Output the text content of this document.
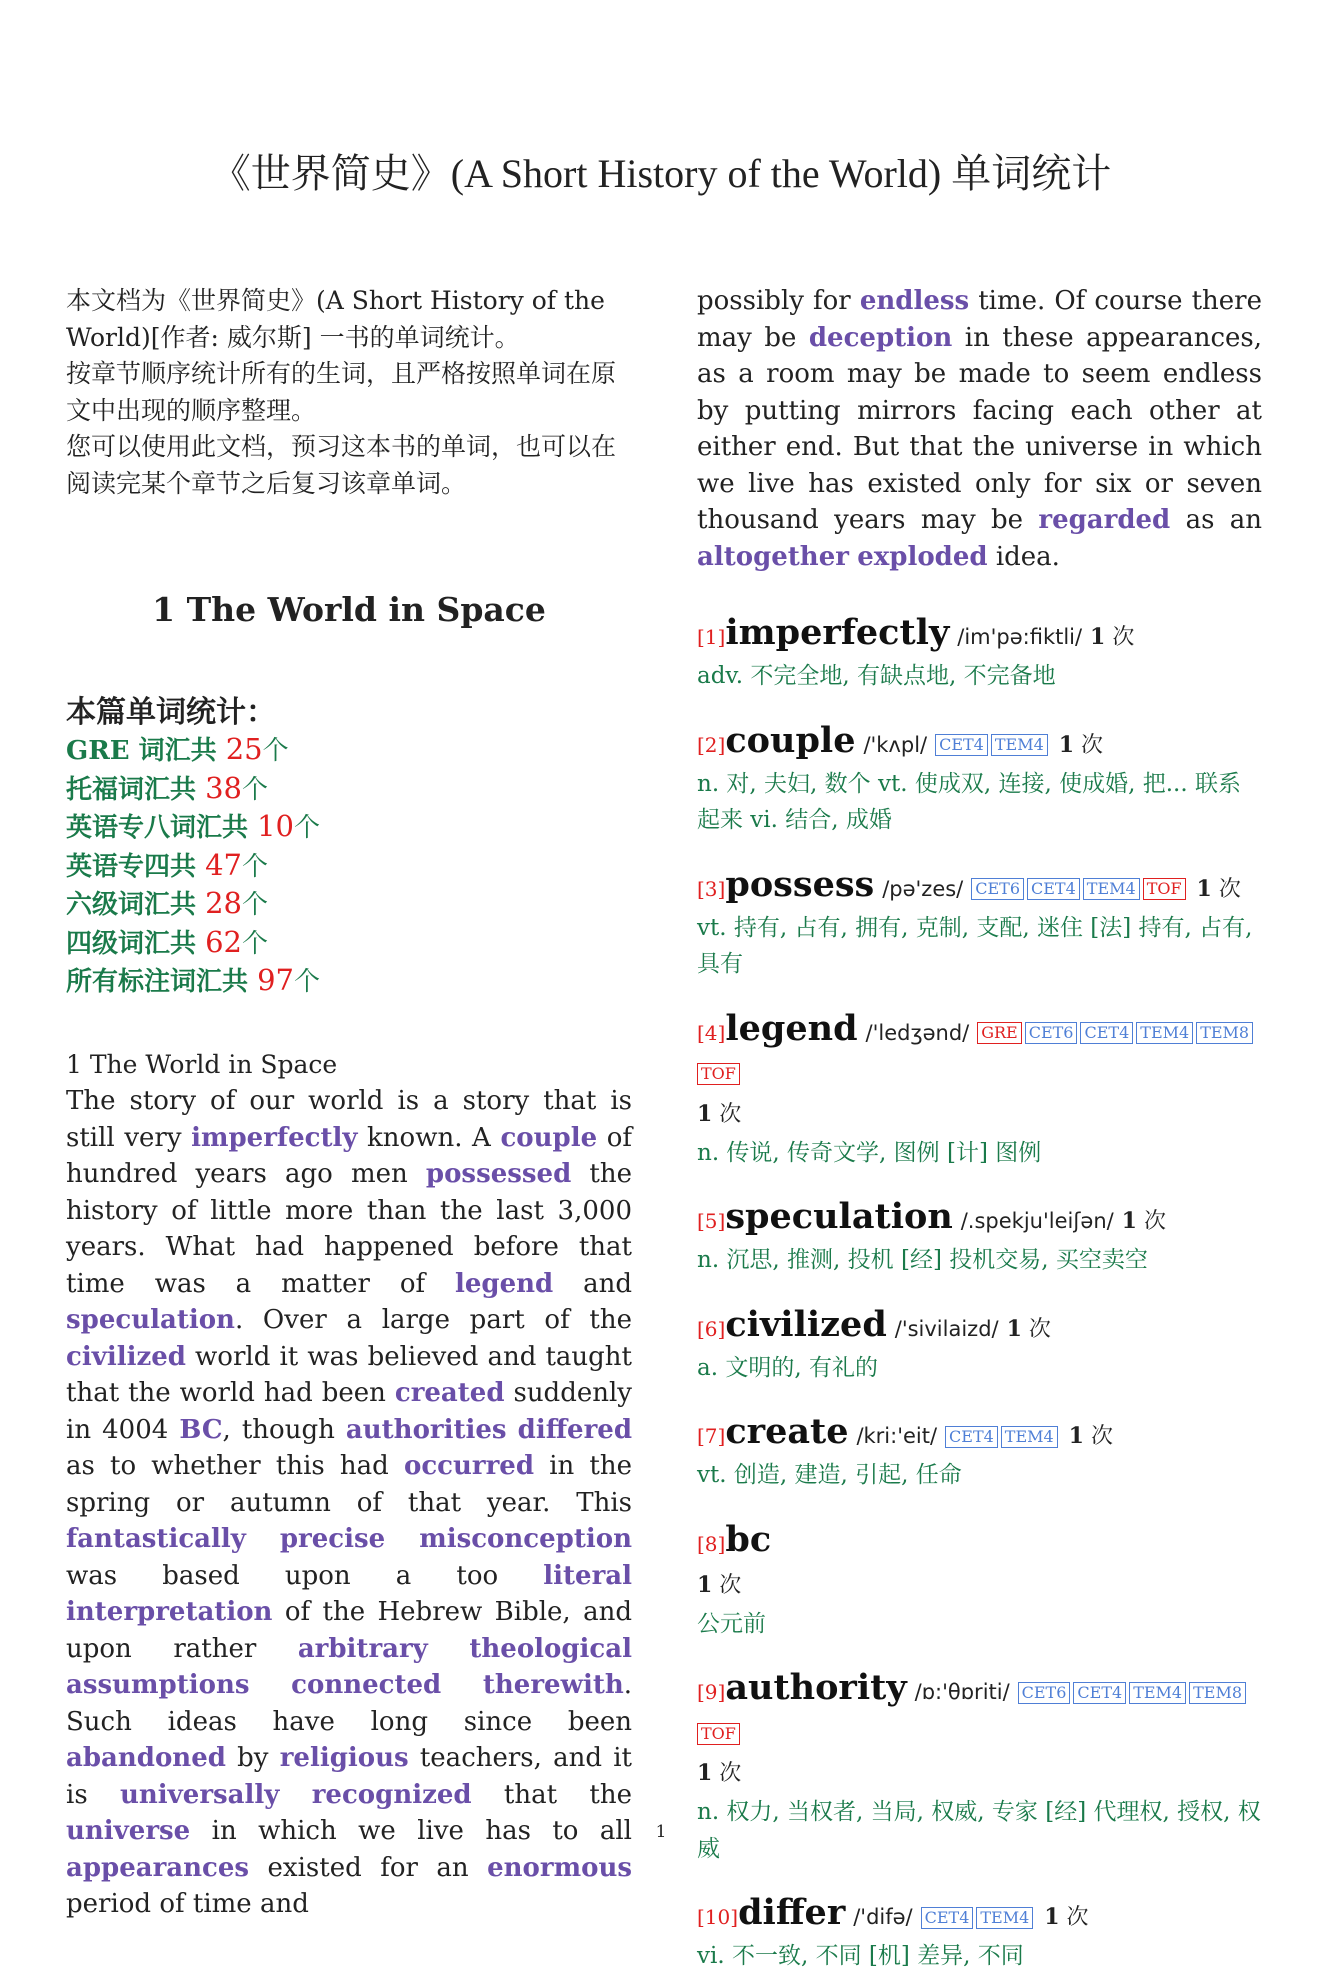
《世界简史》(A Short History of the World) 单词统计

本文档为《世界简史》(A Short History of the World)[作者: 威尔斯] 一书的单词统计。
按章节顺序统计所有的生词，且严格按照单词在原文中出现的顺序整理。
您可以使用此文档，预习这本书的单词，也可以在阅读完某个章节之后复习该章单词。

1 The World in Space
本篇单词统计：
GRE 词汇共 25个
托福词汇共 38个
英语专八词汇共 10个
英语专四共 47个
六级词汇共 28个
四级词汇共 62个
所有标注词汇共 97个
1 The World in Space

The story of our world is a story that is still very imperfectly known. A couple of hundred years ago men possessed the history of little more than the last 3,000 years. What had happened before that time was a matter of legend and speculation. Over a large part of the civilized world it was believed and taught that the world had been created suddenly in 4004 BC, though authorities differed as to whether this had occurred in the spring or autumn of that year. This fantastically precise misconception was based upon a too literal interpretation of the Hebrew Bible, and upon rather arbitrary theological assumptions connected therewith. Such ideas have long since been abandoned by religious teachers, and it is universally recognized that the universe in which we live has to all appearances existed for an enormous period of time and

possibly for endless time. Of course there may be deception in these appearances, as a room may be made to seem endless by putting mirrors facing each other at either end. But that the universe in which we live has existed only for six or seven thousand years may be regarded as an altogether exploded idea.

[1]imperfectly /im'pə:fiktli/ 1 次
adv. 不完全地, 有缺点地, 不完备地
[2]couple /'kʌpl/ CET4 TEM4 1 次
n. 对, 夫妇, 数个 vt. 使成双, 连接, 使成婚, 把... 联系起来 vi. 结合, 成婚
[3]possess /pə'zes/ CET6 CET4 TEM4 TOF 1 次
vt. 持有, 占有, 拥有, 克制, 支配, 迷住 [法] 持有, 占有, 具有
[4]legend /'ledʒənd/ GRE CET6 CET4 TEM4 TEM8TOF
1 次
n. 传说, 传奇文学, 图例 [计] 图例
[5]speculation /.spekju'leiʃən/ 1 次
n. 沉思, 推测, 投机 [经] 投机交易, 买空卖空
[6]civilized /'sivilaizd/ 1 次
a. 文明的, 有礼的
[7]create /kri:'eit/ CET4 TEM4 1 次
vt. 创造, 建造, 引起, 任命
[8]bc
1 次
公元前
[9]authority /ɒ:'θɒriti/ CET6 CET4 TEM4 TEM8TOF
1 次
n. 权力, 当权者, 当局, 权威, 专家 [经] 代理权, 授权, 权威
[10]differ /'difə/ CET4 TEM4 1 次
vi. 不一致, 不同 [机] 差异, 不同
1
